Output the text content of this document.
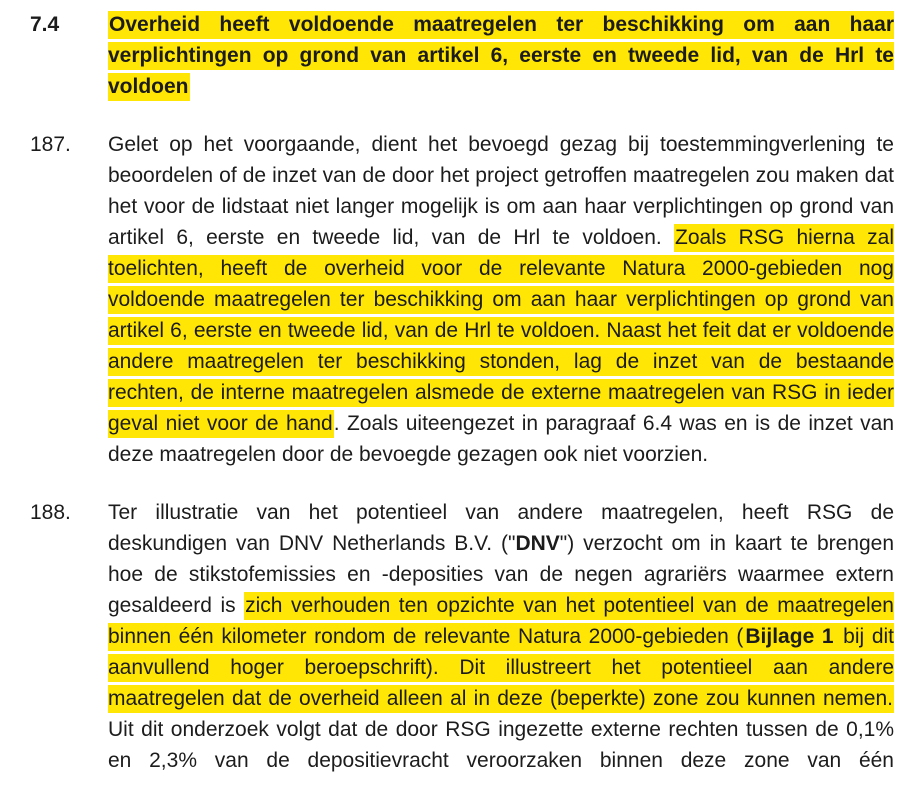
7.4	Overheid heeft voldoende maatregelen ter beschikking om aan haar verplichtingen op grond van artikel 6, eerste en tweede lid, van de Hrl te voldoen
187.	Gelet op het voorgaande, dient het bevoegd gezag bij toestemmingverlening te beoordelen of de inzet van de door het project getroffen maatregelen zou maken dat het voor de lidstaat niet langer mogelijk is om aan haar verplichtingen op grond van artikel 6, eerste en tweede lid, van de Hrl te voldoen. Zoals RSG hierna zal toelichten, heeft de overheid voor de relevante Natura 2000-gebieden nog voldoende maatregelen ter beschikking om aan haar verplichtingen op grond van artikel 6, eerste en tweede lid, van de Hrl te voldoen. Naast het feit dat er voldoende andere maatregelen ter beschikking stonden, lag de inzet van de bestaande rechten, de interne maatregelen alsmede de externe maatregelen van RSG in ieder geval niet voor de hand. Zoals uiteengezet in paragraaf 6.4 was en is de inzet van deze maatregelen door de bevoegde gezagen ook niet voorzien.
188.	Ter illustratie van het potentieel van andere maatregelen, heeft RSG de deskundigen van DNV Netherlands B.V. ("DNV") verzocht om in kaart te brengen hoe de stikstofemissies en -deposities van de negen agrariërs waarmee extern gesaldeerd is zich verhouden ten opzichte van het potentieel van de maatregelen binnen één kilometer rondom de relevante Natura 2000-gebieden (Bijlage 1 bij dit aanvullend hoger beroepschrift). Dit illustreert het potentieel aan andere maatregelen dat de overheid alleen al in deze (beperkte) zone zou kunnen nemen. Uit dit onderzoek volgt dat de door RSG ingezette externe rechten tussen de 0,1% en 2,3% van de depositievracht veroorzaken binnen deze zone van één
